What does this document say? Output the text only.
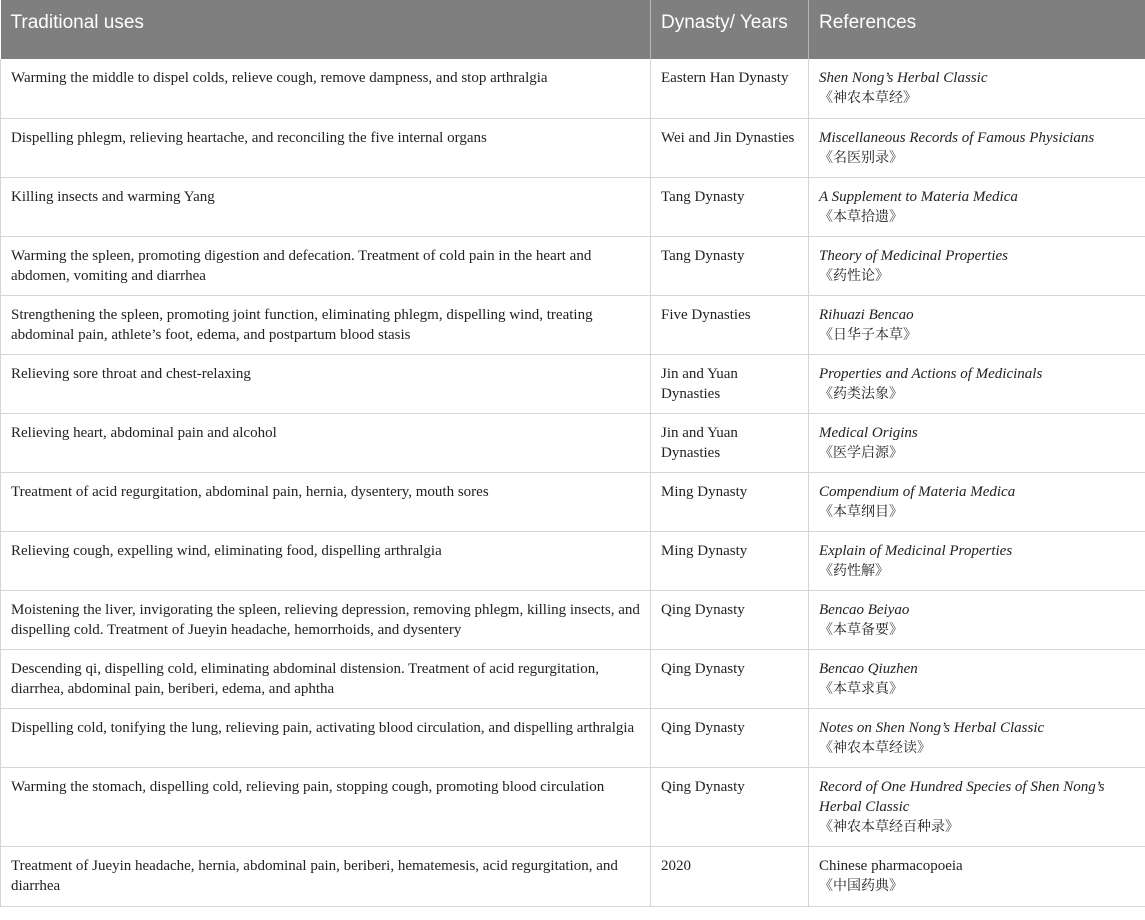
Traditional uses	Dynasty/ Years	References
Warming the middle to dispel colds, relieve cough, remove dampness, and stop arthralgia	Eastern Han Dynasty	Shen Nong’s Herbal Classic
《神农本草经》

Dispelling phlegm, relieving heartache, and reconciling the five internal organs	Wei and Jin Dynasties	Miscellaneous Records of Famous Physicians
《名医别录》

Killing insects and warming Yang	Tang Dynasty	A Supplement to Materia Medica
《本草拾遗》

Warming the spleen, promoting digestion and defecation. Treatment of cold pain in the heart and abdomen, vomiting and diarrhea	Tang Dynasty	Theory of Medicinal Properties
《药性论》

Strengthening the spleen, promoting joint function, eliminating phlegm, dispelling wind, treating abdominal pain, athlete’s foot, edema, and postpartum blood stasis	Five Dynasties	Rihuazi Bencao
《日华子本草》

Relieving sore throat and chest-relaxing	Jin and Yuan Dynasties	Properties and Actions of Medicinals
《药类法象》

Relieving heart, abdominal pain and alcohol	Jin and Yuan Dynasties	Medical Origins
《医学启源》

Treatment of acid regurgitation, abdominal pain, hernia, dysentery, mouth sores	Ming Dynasty	Compendium of Materia Medica
《本草纲目》

Relieving cough, expelling wind, eliminating food, dispelling arthralgia	Ming Dynasty	Explain of Medicinal Properties
《药性解》

Moistening the liver, invigorating the spleen, relieving depression, removing phlegm, killing insects, and dispelling cold. Treatment of Jueyin headache, hemorrhoids, and dysentery	Qing Dynasty	Bencao Beiyao
《本草备要》

Descending qi, dispelling cold, eliminating abdominal distension. Treatment of acid regurgitation, diarrhea, abdominal pain, beriberi, edema, and aphtha	Qing Dynasty	Bencao Qiuzhen
《本草求真》

Dispelling cold, tonifying the lung, relieving pain, activating blood circulation, and dispelling arthralgia	Qing Dynasty	Notes on Shen Nong’s Herbal Classic
《神农本草经读》

Warming the stomach, dispelling cold, relieving pain, stopping cough, promoting blood circulation	Qing Dynasty	Record of One Hundred Species of Shen Nong’s Herbal Classic
《神农本草经百种录》

Treatment of Jueyin headache, hernia, abdominal pain, beriberi, hematemesis, acid regurgitation, and diarrhea	2020	Chinese pharmacopoeia
《中国药典》
